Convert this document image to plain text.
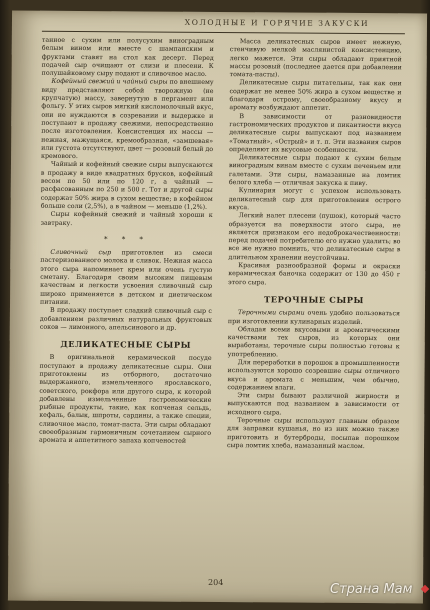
ХОЛОДНЫЕ И ГОРЯЧИЕ ЗАКУСКИ

танное с сухим или полусухим виноградным белым вином или вместе с шампанским и фруктами ставят на стол как десерт. Перед подачей сыр очищают от слизи и плесени. К полушайковому сыру подают и сливочное масло.

Кофейный свежий и чайный сыры по внешнему виду представляют собой творожную (не крупчатую) массу, завернутую в пергамент или фольгу. У этих сыров мягкий кисломолочный вкус, они не нуждаются в созревании и выдержке и поступают в продажу свежими, непосредственно после изготовления. Консистенция их массы — нежная, мажущаяся, кремообразная, «замшевая» или густота отсутствуют, цвет — розовый белый до кремового.

Чайный и кофейный свежие сыры выпускаются в продажу в виде квадратных брусков, кофейный весом по 50 или по 120 г, а чайный — расфасованным по 250 и 500 г. Тот и другой сыры содержат 50% жира в сухом веществе; в кофейном больше соли (2,5%), а в чайном — меньше (1,2%).

Сыры кофейный свежий и чайный хороши к завтраку.

* * *

Сливочный сыр приготовлен из смеси пастеризованного молока и сливок. Нежная масса этого сыра напоминает крем или очень густую сметану. Благодаря своим высоким пищевым качествам и легкости усвоения сливочный сыр широко применяется в детском и диетическом питании.

В продажу поступает сладкий сливочный сыр с добавлением различных натуральных фруктовых соков — лимонного, апельсинового и др.

ДЕЛИКАТЕСНЫЕ СЫРЫ

В оригинальной керамической посуде поступают в продажу деликатесные сыры. Они приготовлены из отборного, достаточно выдержанного, измельченного ярославского, советского, рокфора или другого сыра, к которой добавлены измельченные гастрономические рыбные продукты, такие, как копченая сельдь, кефаль, балык, шпроты, сардины, а также специи, сливочное масло, томат-паста. Эти сыры обладают своеобразным гармоничным сочетанием сырного аромата и аппетитного запаха копченостей

Масса деликатесных сыров имеет нежную, стенчивую мелкой маслянистой консистенцию, легко мажется. Эти сыры обладают приятной массы розовый (последнее дается при добавлении томата-пасты).

Деликатесные сыры питательны, так как они содержат не менее 50% жира в сухом веществе и благодаря острому, своеобразному вкусу и аромату возбуждают аппетит.

В зависимости от разновидности гастрономических продуктов и пикантности вкуса деликатесные сыры выпускают под названием «Томатный», «Острый» и т. п. Эти названия сыров определяют их вкусовые особенности.

Деликатесные сыры подают к сухим белым виноградным винам вместе с сухим печеньем или галетами. Эти сыры, намазанные на ломтик белого хлеба — отличная закуска к пиву.

Кулинария могут с успехом использовать деликатесный сыр для приготовления острого вкуса.

Легкий налет плесени (пушок), который часто образуется на поверхности этого сыра, не является признаком его недоброкачественности: перед подачей потребителю его нужно удалить; во все же нужно помнить, что деликатесные сыры в длительном хранении неустойчивы.

Красивая разнообразной формы и окраски керамическая баночка содержит от 130 до 450 г этого сыра.

ТЕРОЧНЫЕ СЫРЫ

Терочными сырами очень удобно пользоваться при изготовлении кулинарных изделий.

Обладая всеми вкусовыми и ароматическими качествами тех сыров, из которых они выработаны, терочные сыры полностью готовы к употреблению.

Для переработки в порошок в промышленности используются хорошо созревшие сыры отличного вкуса и аромата с меньшим, чем обычно, содержанием влаги.

Эти сыры бывают различной жирности и выпускаются под названием в зависимости от исходного сыра.

Терочные сыры используют главным образом для заправки кушанья, но из них можно также приготовить и бутерброды, посыпав порошком сыра ломтик хлеба, намазанный маслом.

204	Страна Мам
